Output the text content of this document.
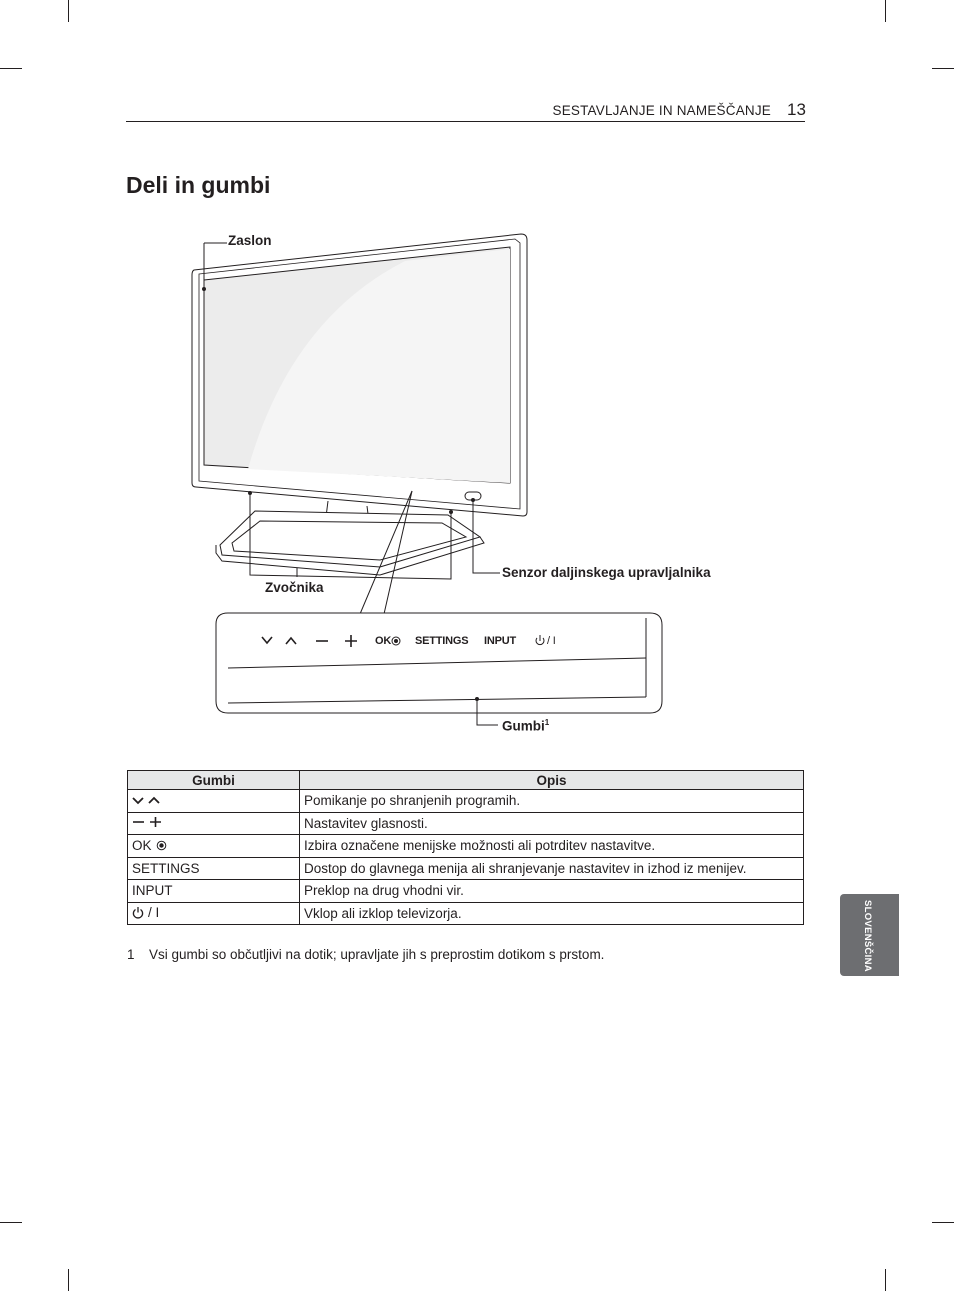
SESTAVLJANJE IN NAMEŠČANJE 13
Deli in gumbi
Zaslon
Zvočnika
Senzor daljinskega upravljalnika
Gumbi$^1$
OK SETTINGS INPUT	/ I
Gumbi	Opis

	Pomikanje po shranjenih programih.

	Nastavitev glasnosti.

OK	Izbira označene menijske možnosti ali potrditev nastavitve.
SETTINGS	Dostop do glavnega menija ali shranjevanje nastavitev in izhod iz menijev.
INPUT	Preklop na drug vhodni vir.

/ I	Vklop ali izklop televizorja.
1 Vsi gumbi so občutljivi na dotik; upravljate jih s preprostim dotikom s prstom.	SLOVENŠČINA
